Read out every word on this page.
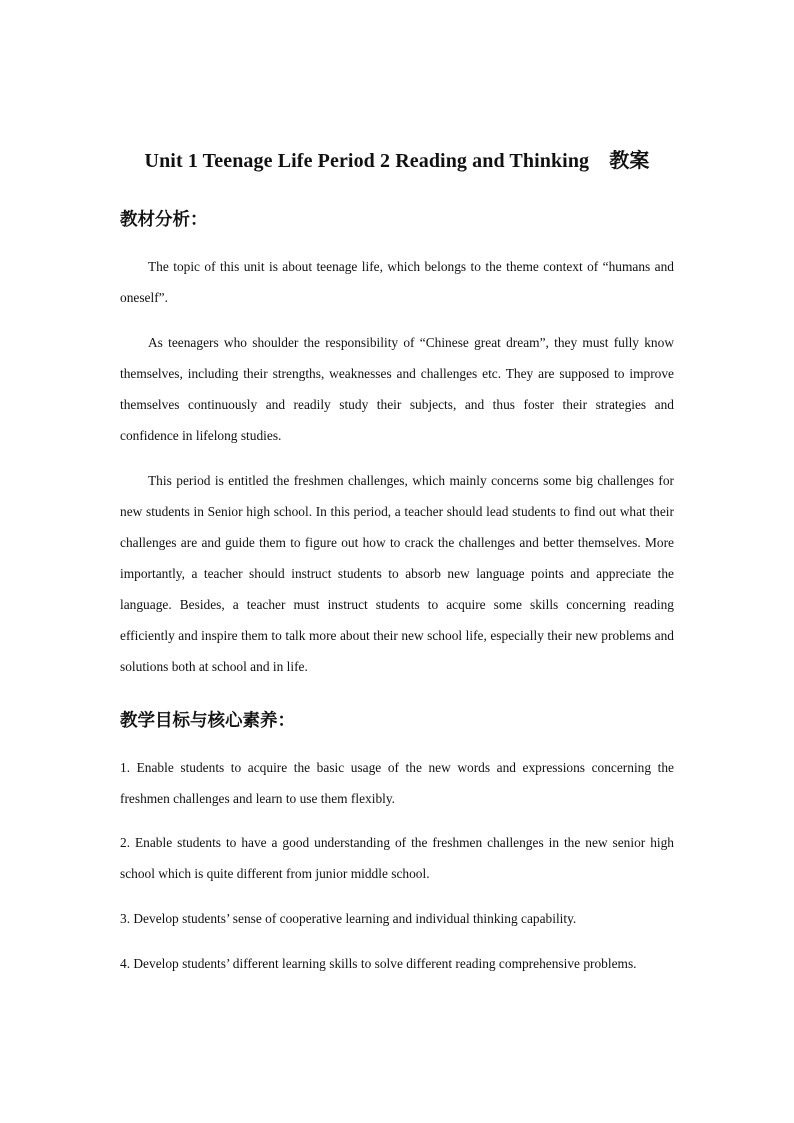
Unit 1 Teenage Life Period 2 Reading and Thinking　教案
教材分析：
The topic of this unit is about teenage life, which belongs to the theme context of “humans and oneself”.
As teenagers who shoulder the responsibility of “Chinese great dream”, they must fully know themselves, including their strengths, weaknesses and challenges etc. They are supposed to improve themselves continuously and readily study their subjects, and thus foster their strategies and confidence in lifelong studies.
This period is entitled the freshmen challenges, which mainly concerns some big challenges for new students in Senior high school. In this period, a teacher should lead students to find out what their challenges are and guide them to figure out how to crack the challenges and better themselves. More importantly, a teacher should instruct students to absorb new language points and appreciate the language. Besides, a teacher must instruct students to acquire some skills concerning reading efficiently and inspire them to talk more about their new school life, especially their new problems and solutions both at school and in life.
教学目标与核心素养：
1. Enable students to acquire the basic usage of the new words and expressions concerning the freshmen challenges and learn to use them flexibly.
2. Enable students to have a good understanding of the freshmen challenges in the new senior high school which is quite different from junior middle school.
3. Develop students’ sense of cooperative learning and individual thinking capability.
4. Develop students’ different learning skills to solve different reading comprehensive problems.
